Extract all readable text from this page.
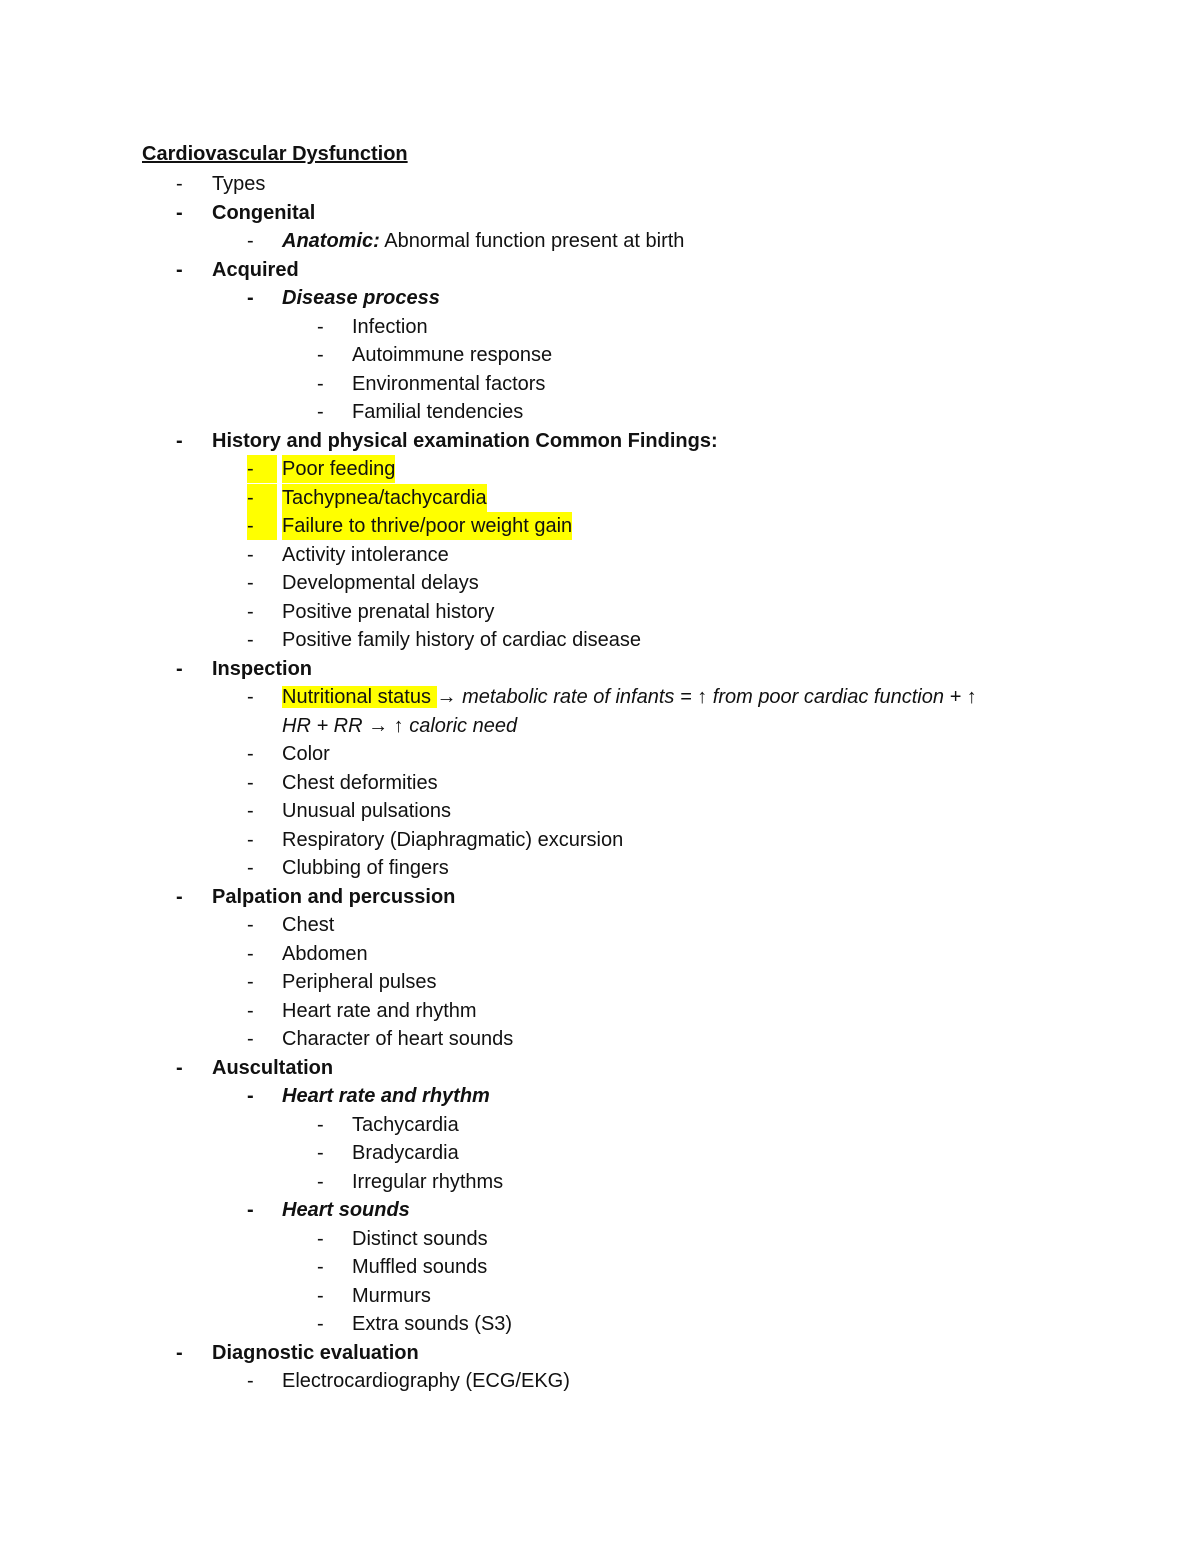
Cardiovascular Dysfunction
-	Types
-	Congenital
-	Anatomic: Abnormal function present at birth
-	Acquired
-	Disease process
-	Infection
-	Autoimmune response
-	Environmental factors
-	Familial tendencies
-	History and physical examination Common Findings:
-	Poor feeding
-	Tachypnea/tachycardia
-	Failure to thrive/poor weight gain
-	Activity intolerance
-	Developmental delays
-	Positive prenatal history
-	Positive family history of cardiac disease
-	Inspection
-	Nutritional status → metabolic rate of infants = ↑ from poor cardiac function + ↑
HR + RR → ↑ caloric need
-	Color
-	Chest deformities
-	Unusual pulsations
-	Respiratory (Diaphragmatic) excursion
-	Clubbing of fingers
-	Palpation and percussion
-	Chest
-	Abdomen
-	Peripheral pulses
-	Heart rate and rhythm
-	Character of heart sounds
-	Auscultation
-	Heart rate and rhythm
-	Tachycardia
-	Bradycardia
-	Irregular rhythms
-	Heart sounds
-	Distinct sounds
-	Muffled sounds
-	Murmurs
-	Extra sounds (S3)
-	Diagnostic evaluation
-	Electrocardiography (ECG/EKG)
